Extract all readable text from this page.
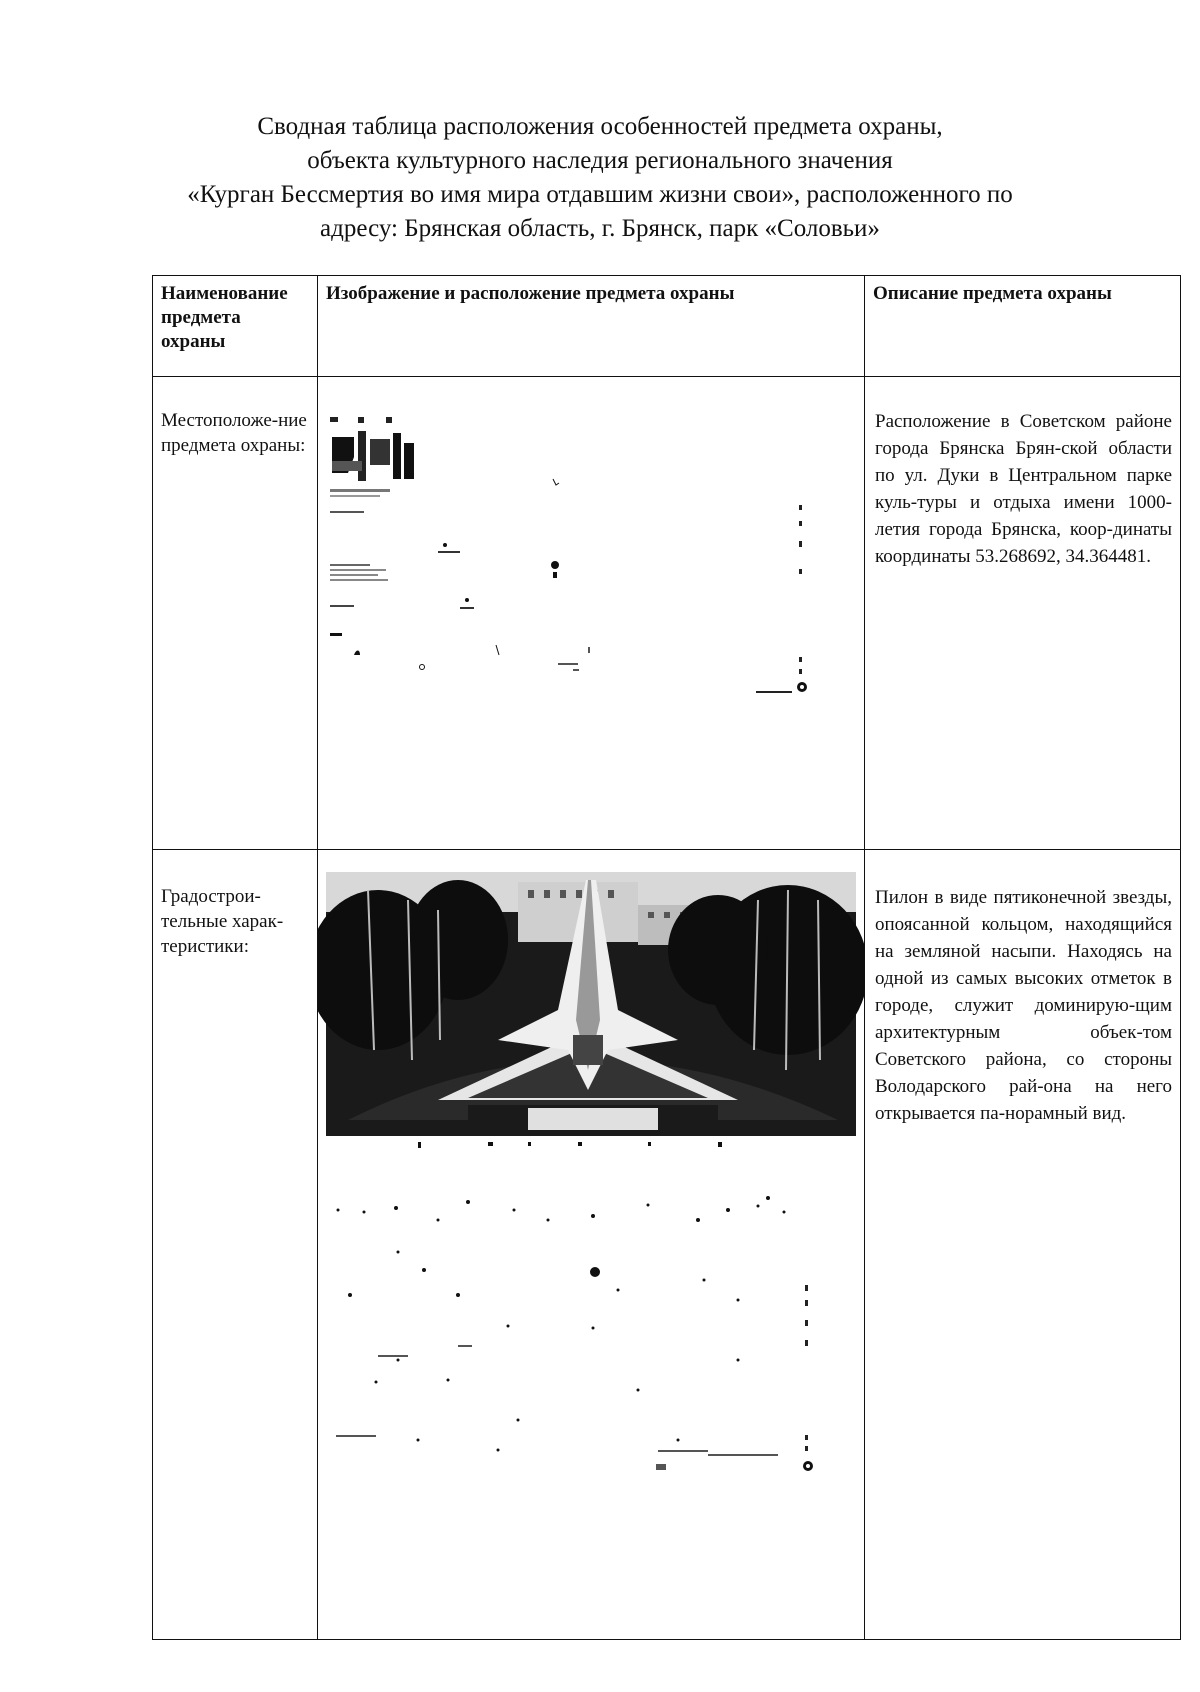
Сводная таблица расположения особенностей предмета охраны,
объекта культурного наследия регионального значения
«Курган Бессмертия во имя мира отдавшим жизни свои», расположенного по
адресу: Брянская область, г. Брянск, парк «Соловьи»
Наименование предмета охраны	Изображение и расположение предмета охраны	Описание предмета охраны
Местоположе-ние предмета охраны:		Расположение в Советском районе города Брянска Брян-ской области по ул. Дуки в Центральном парке куль-туры и отдыха имени 1000-летия города Брянска, коор-динаты координаты 53.268692, 34.364481.
Градострои-тельные харак-теристики:		Пилон в виде пятиконечной звезды, опоясанной кольцом, находящийся на земляной насыпи. Находясь на одной из самых высоких отметок в городе, служит доминирую-щим архитектурным объек-том Советского района, со стороны Володарского рай-она на него открывается па-норамный вид.
